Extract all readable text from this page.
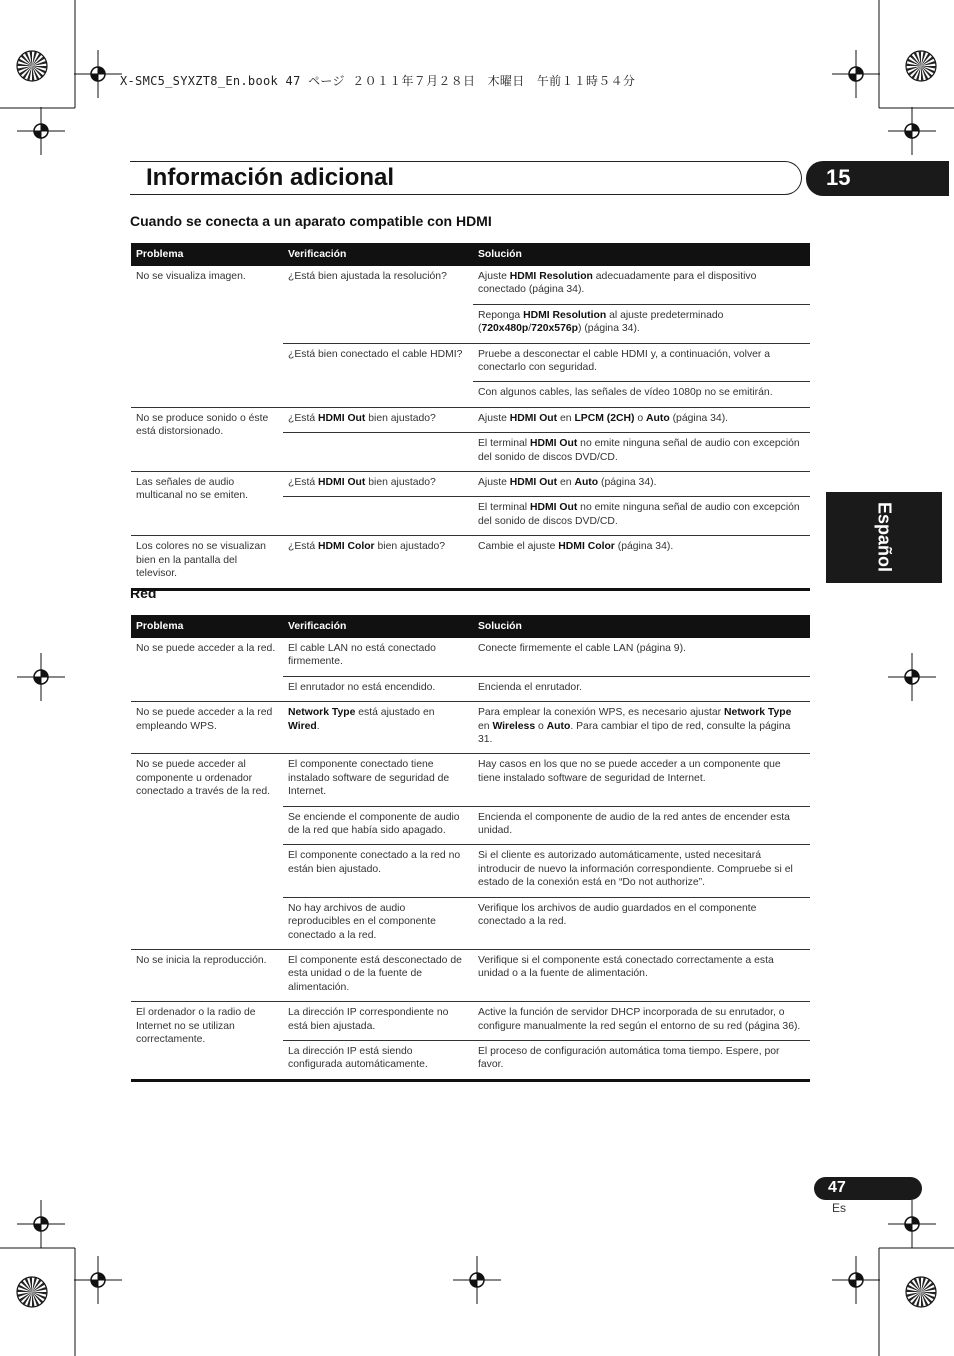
X-SMC5_SYXZT8_En.book 47 ページ ２０１１年７月２８日　木曜日　午前１１時５４分
Información adicional	15
Español
Cuando se conecta a un aparato compatible con HDMI
Problema	Verificación	Solución
No se visualiza imagen.	¿Está bien ajustada la resolución?	Ajuste HDMI Resolution adecuadamente para el dispositivo conectado (página 34).
		Reponga HDMI Resolution al ajuste predeterminado (720x480p/720x576p) (página 34).
	¿Está bien conectado el cable HDMI?	Pruebe a desconectar el cable HDMI y, a continuación, volver a conectarlo con seguridad.
		Con algunos cables, las señales de vídeo 1080p no se emitirán.
No se produce sonido o éste está distorsionado.	¿Está HDMI Out bien ajustado?	Ajuste HDMI Out en LPCM (2CH) o Auto (página 34).
		El terminal HDMI Out no emite ninguna señal de audio con excepción del sonido de discos DVD/CD.
Las señales de audio multicanal no se emiten.	¿Está HDMI Out bien ajustado?	Ajuste HDMI Out en Auto (página 34).
		El terminal HDMI Out no emite ninguna señal de audio con excepción del sonido de discos DVD/CD.
Los colores no se visualizan bien en la pantalla del televisor.	¿Está HDMI Color bien ajustado?	Cambie el ajuste HDMI Color (página 34).
Red
Problema	Verificación	Solución
No se puede acceder a la red.	El cable LAN no está conectado firmemente.	Conecte firmemente el cable LAN (página 9).
	El enrutador no está encendido.	Encienda el enrutador.
No se puede acceder a la red empleando WPS.	Network Type está ajustado en Wired.	Para emplear la conexión WPS, es necesario ajustar Network Type en Wireless o Auto. Para cambiar el tipo de red, consulte la página 31.
No se puede acceder al componente u ordenador conectado a través de la red.	El componente conectado tiene instalado software de seguridad de Internet.	Hay casos en los que no se puede acceder a un componente que tiene instalado software de seguridad de Internet.
	Se enciende el componente de audio de la red que había sido apagado.	Encienda el componente de audio de la red antes de encender esta unidad.
	El componente conectado a la red no están bien ajustado.	Si el cliente es autorizado automáticamente, usted necesitará introducir de nuevo la información correspondiente. Compruebe si el estado de la conexión está en “Do not authorize”.
	No hay archivos de audio reproducibles en el componente conectado a la red.	Verifique los archivos de audio guardados en el componente conectado a la red.
No se inicia la reproducción.	El componente está desconectado de esta unidad o de la fuente de alimentación.	Verifique si el componente está conectado correctamente a esta unidad o a la fuente de alimentación.
El ordenador o la radio de Internet no se utilizan correctamente.	La dirección IP correspondiente no está bien ajustada.	Active la función de servidor DHCP incorporada de su enrutador, o configure manualmente la red según el entorno de su red (página 36).
	La dirección IP está siendo configurada automáticamente.	El proceso de configuración automática toma tiempo. Espere, por favor.
47
Es
